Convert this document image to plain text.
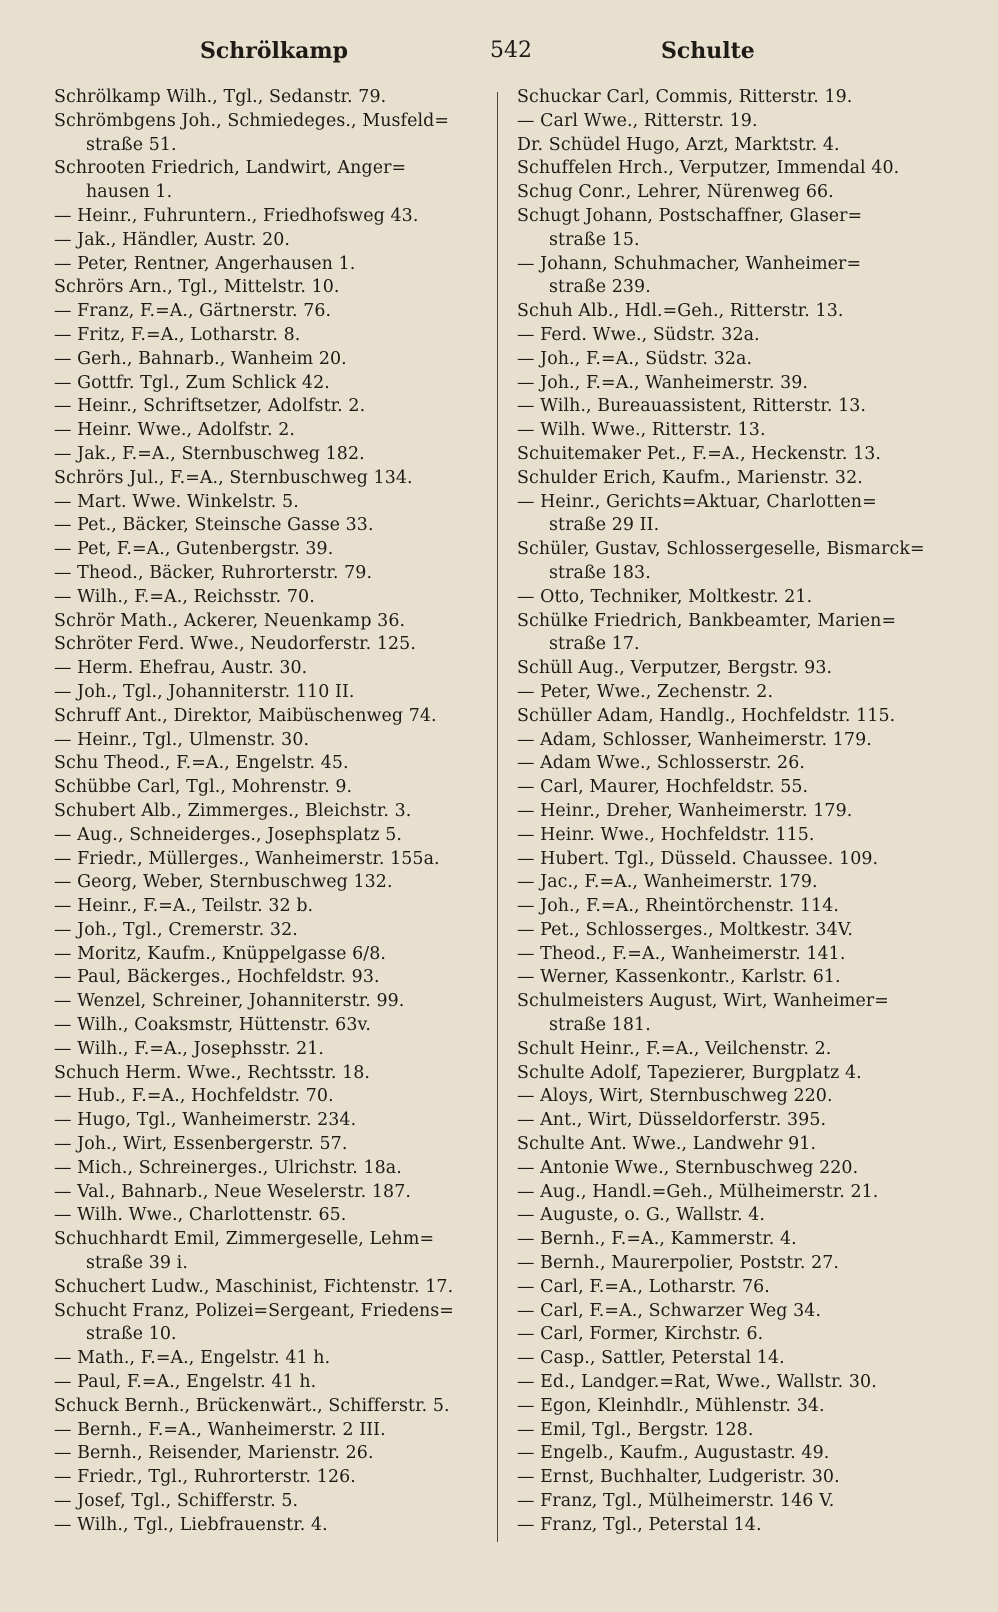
Schrölkamp	542	Schulte
Schrölkamp Wilh., Tgl., Sedanstr. 79.
Schrömbgens Joh., Schmiedeges., Musfeld=
straße 51.
Schrooten Friedrich, Landwirt, Anger=
hausen 1.
— Heinr., Fuhruntern., Friedhofsweg 43.
— Jak., Händler, Austr. 20.
— Peter, Rentner, Angerhausen 1.
Schrörs Arn., Tgl., Mittelstr. 10.
— Franz, F.=A., Gärtnerstr. 76.
— Fritz, F.=A., Lotharstr. 8.
— Gerh., Bahnarb., Wanheim 20.
— Gottfr. Tgl., Zum Schlick 42.
— Heinr., Schriftsetzer, Adolfstr. 2.
— Heinr. Wwe., Adolfstr. 2.
— Jak., F.=A., Sternbuschweg 182.
Schrörs Jul., F.=A., Sternbuschweg 134.
— Mart. Wwe. Winkelstr. 5.
— Pet., Bäcker, Steinsche Gasse 33.
— Pet, F.=A., Gutenbergstr. 39.
— Theod., Bäcker, Ruhrorterstr. 79.
— Wilh., F.=A., Reichsstr. 70.
Schrör Math., Ackerer, Neuenkamp 36.
Schröter Ferd. Wwe., Neudorferstr. 125.
— Herm. Ehefrau, Austr. 30.
— Joh., Tgl., Johanniterstr. 110 II.
Schruff Ant., Direktor, Maibüschenweg 74.
— Heinr., Tgl., Ulmenstr. 30.
Schu Theod., F.=A., Engelstr. 45.
Schübbe Carl, Tgl., Mohrenstr. 9.
Schubert Alb., Zimmerges., Bleichstr. 3.
— Aug., Schneiderges., Josephsplatz 5.
— Friedr., Müllerges., Wanheimerstr. 155a.
— Georg, Weber, Sternbuschweg 132.
— Heinr., F.=A., Teilstr. 32 b.
— Joh., Tgl., Cremerstr. 32.
— Moritz, Kaufm., Knüppelgasse 6/8.
— Paul, Bäckerges., Hochfeldstr. 93.
— Wenzel, Schreiner, Johanniterstr. 99.
— Wilh., Coaksmstr, Hüttenstr. 63v.
— Wilh., F.=A., Josephsstr. 21.
Schuch Herm. Wwe., Rechtsstr. 18.
— Hub., F.=A., Hochfeldstr. 70.
— Hugo, Tgl., Wanheimerstr. 234.
— Joh., Wirt, Essenbergerstr. 57.
— Mich., Schreinerges., Ulrichstr. 18a.
— Val., Bahnarb., Neue Weselerstr. 187.
— Wilh. Wwe., Charlottenstr. 65.
Schuchhardt Emil, Zimmergeselle, Lehm=
straße 39 i.
Schuchert Ludw., Maschinist, Fichtenstr. 17.
Schucht Franz, Polizei=Sergeant, Friedens=
straße 10.
— Math., F.=A., Engelstr. 41 h.
— Paul, F.=A., Engelstr. 41 h.
Schuck Bernh., Brückenwärt., Schifferstr. 5.
— Bernh., F.=A., Wanheimerstr. 2 III.
— Bernh., Reisender, Marienstr. 26.
— Friedr., Tgl., Ruhrorterstr. 126.
— Josef, Tgl., Schifferstr. 5.
— Wilh., Tgl., Liebfrauenstr. 4.
Schuckar Carl, Commis, Ritterstr. 19.
— Carl Wwe., Ritterstr. 19.
Dr. Schüdel Hugo, Arzt, Marktstr. 4.
Schuffelen Hrch., Verputzer, Immendal 40.
Schug Conr., Lehrer, Nürenweg 66.
Schugt Johann, Postschaffner, Glaser=
straße 15.
— Johann, Schuhmacher, Wanheimer=
straße 239.
Schuh Alb., Hdl.=Geh., Ritterstr. 13.
— Ferd. Wwe., Südstr. 32a.
— Joh., F.=A., Südstr. 32a.
— Joh., F.=A., Wanheimerstr. 39.
— Wilh., Bureauassistent, Ritterstr. 13.
— Wilh. Wwe., Ritterstr. 13.
Schuitemaker Pet., F.=A., Heckenstr. 13.
Schulder Erich, Kaufm., Marienstr. 32.
— Heinr., Gerichts=Aktuar, Charlotten=
straße 29 II.
Schüler, Gustav, Schlossergeselle, Bismarck=
straße 183.
— Otto, Techniker, Moltkestr. 21.
Schülke Friedrich, Bankbeamter, Marien=
straße 17.
Schüll Aug., Verputzer, Bergstr. 93.
— Peter, Wwe., Zechenstr. 2.
Schüller Adam, Handlg., Hochfeldstr. 115.
— Adam, Schlosser, Wanheimerstr. 179.
— Adam Wwe., Schlosserstr. 26.
— Carl, Maurer, Hochfeldstr. 55.
— Heinr., Dreher, Wanheimerstr. 179.
— Heinr. Wwe., Hochfeldstr. 115.
— Hubert. Tgl., Düsseld. Chaussee. 109.
— Jac., F.=A., Wanheimerstr. 179.
— Joh., F.=A., Rheintörchenstr. 114.
— Pet., Schlosserges., Moltkestr. 34V.
— Theod., F.=A., Wanheimerstr. 141.
— Werner, Kassenkontr., Karlstr. 61.
Schulmeisters August, Wirt, Wanheimer=
straße 181.
Schult Heinr., F.=A., Veilchenstr. 2.
Schulte Adolf, Tapezierer, Burgplatz 4.
— Aloys, Wirt, Sternbuschweg 220.
— Ant., Wirt, Düsseldorferstr. 395.
Schulte Ant. Wwe., Landwehr 91.
— Antonie Wwe., Sternbuschweg 220.
— Aug., Handl.=Geh., Mülheimerstr. 21.
— Auguste, o. G., Wallstr. 4.
— Bernh., F.=A., Kammerstr. 4.
— Bernh., Maurerpolier, Poststr. 27.
— Carl, F.=A., Lotharstr. 76.
— Carl, F.=A., Schwarzer Weg 34.
— Carl, Former, Kirchstr. 6.
— Casp., Sattler, Peterstal 14.
— Ed., Landger.=Rat, Wwe., Wallstr. 30.
— Egon, Kleinhdlr., Mühlenstr. 34.
— Emil, Tgl., Bergstr. 128.
— Engelb., Kaufm., Augustastr. 49.
— Ernst, Buchhalter, Ludgeristr. 30.
— Franz, Tgl., Mülheimerstr. 146 V.
— Franz, Tgl., Peterstal 14.
